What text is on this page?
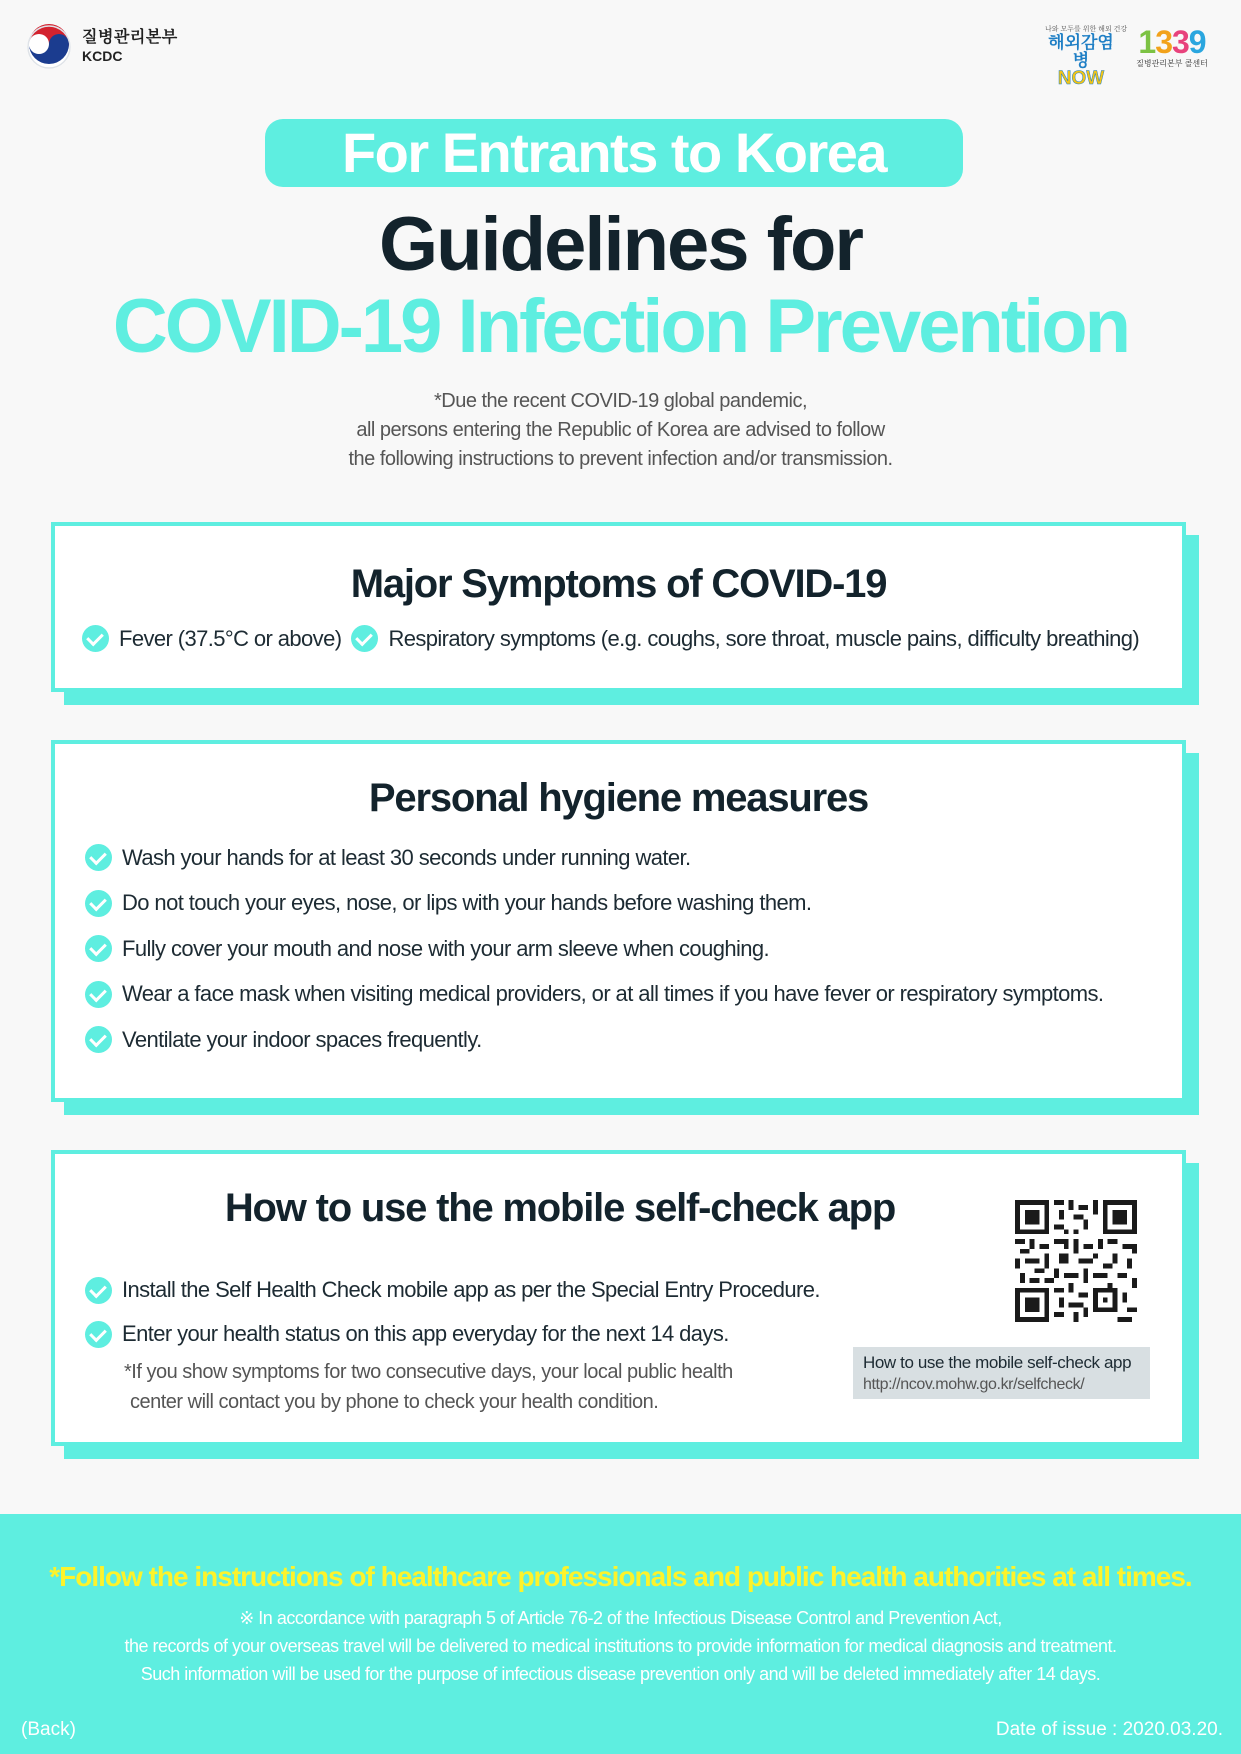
질병관리본부
KCDC
나와 모두를 위한 해외 건강
해외감염병
NOW
1339
질병관리본부 콜센터
For Entrants to Korea
Guidelines for
COVID-19 Infection Prevention
*Due the recent COVID-19 global pandemic,
all persons entering the Republic of Korea are advised to follow
the following instructions to prevent infection and/or transmission.
Major Symptoms of COVID-19
Fever (37.5°C or above) Respiratory symptoms (e.g. coughs, sore throat, muscle pains, difficulty breathing)
Personal hygiene measures
Wash your hands for at least 30 seconds under running water.
Do not touch your eyes, nose, or lips with your hands before washing them.
Fully cover your mouth and nose with your arm sleeve when coughing.
Wear a face mask when visiting medical providers, or at all times if you have fever or respiratory symptoms.
Ventilate your indoor spaces frequently.
How to use the mobile self-check app
Install the Self Health Check mobile app as per the Special Entry Procedure.
Enter your health status on this app everyday for the next 14 days.
*If you show symptoms for two consecutive days, your local public health
center will contact you by phone to check your health condition.
How to use the mobile self-check app
http://ncov.mohw.go.kr/selfcheck/
*Follow the instructions of healthcare professionals and public health authorities at all times.
※ In accordance with paragraph 5 of Article 76-2 of the Infectious Disease Control and Prevention Act,
the records of your overseas travel will be delivered to medical institutions to provide information for medical diagnosis and treatment.
Such information will be used for the purpose of infectious disease prevention only and will be deleted immediately after 14 days.
(Back)	Date of issue : 2020.03.20.
